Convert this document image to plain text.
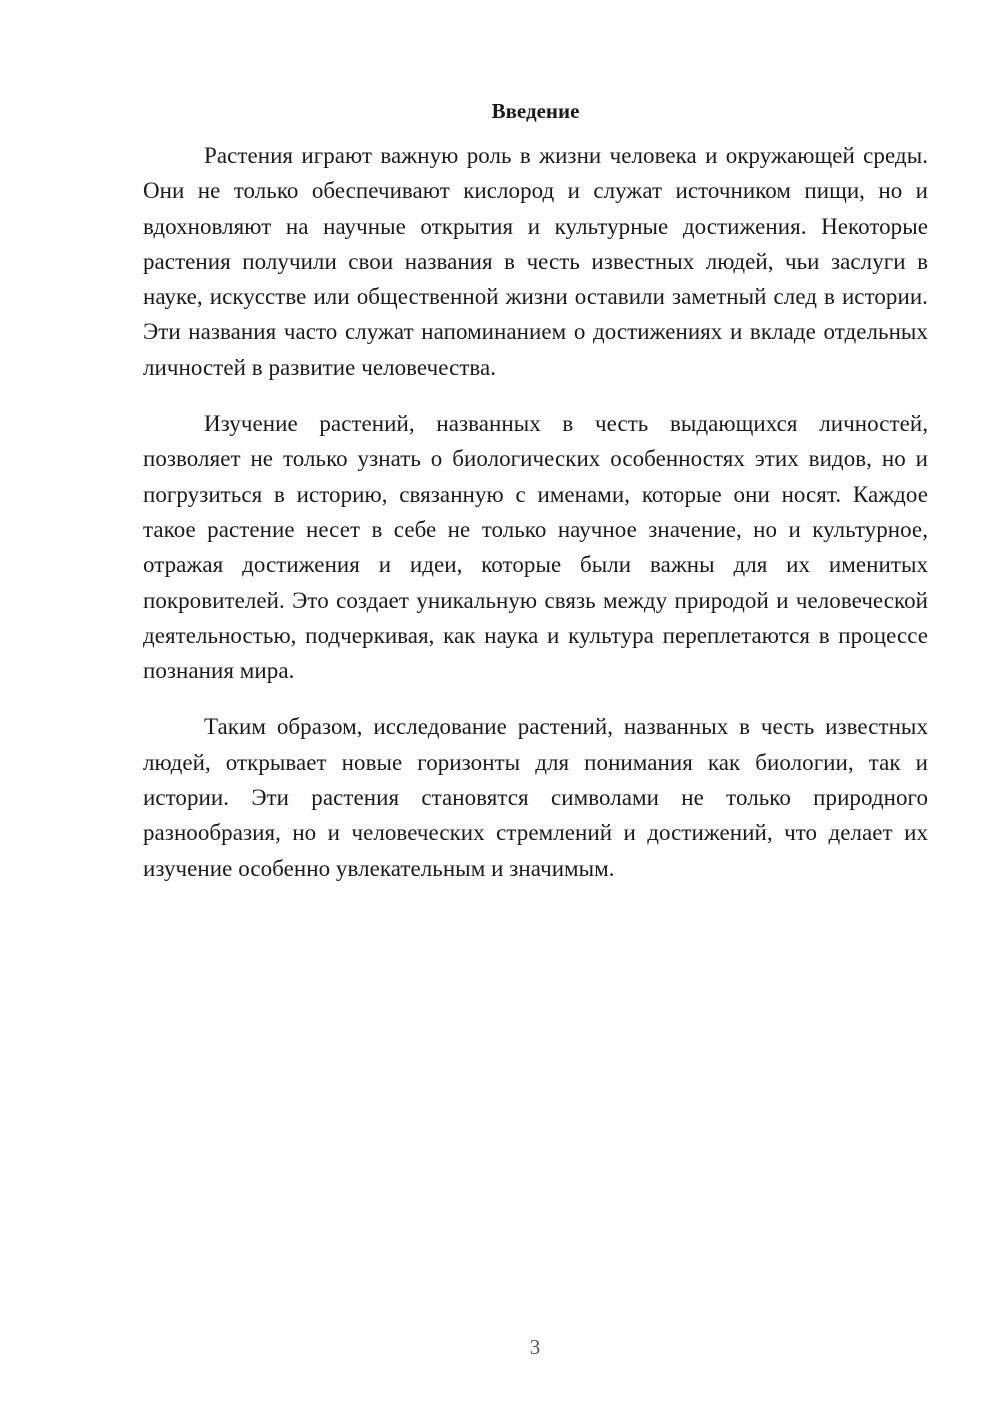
Введение

Растения играют важную роль в жизни человека и окружающей среды. Они не только обеспечивают кислород и служат источником пищи, но и вдохновляют на научные открытия и культурные достижения. Некоторые растения получили свои названия в честь известных людей, чьи заслуги в науке, искусстве или общественной жизни оставили заметный след в истории. Эти названия часто служат напоминанием о достижениях и вкладе отдельных личностей в развитие человечества.

Изучение растений, названных в честь выдающихся личностей, позволяет не только узнать о биологических особенностях этих видов, но и погрузиться в историю, связанную с именами, которые они носят. Каждое такое растение несет в себе не только научное значение, но и культурное, отражая достижения и идеи, которые были важны для их именитых покровителей. Это создает уникальную связь между природой и человеческой деятельностью, подчеркивая, как наука и культура переплетаются в процессе познания мира.

Таким образом, исследование растений, названных в честь известных людей, открывает новые горизонты для понимания как биологии, так и истории. Эти растения становятся символами не только природного разнообразия, но и человеческих стремлений и достижений, что делает их изучение особенно увлекательным и значимым.

3
